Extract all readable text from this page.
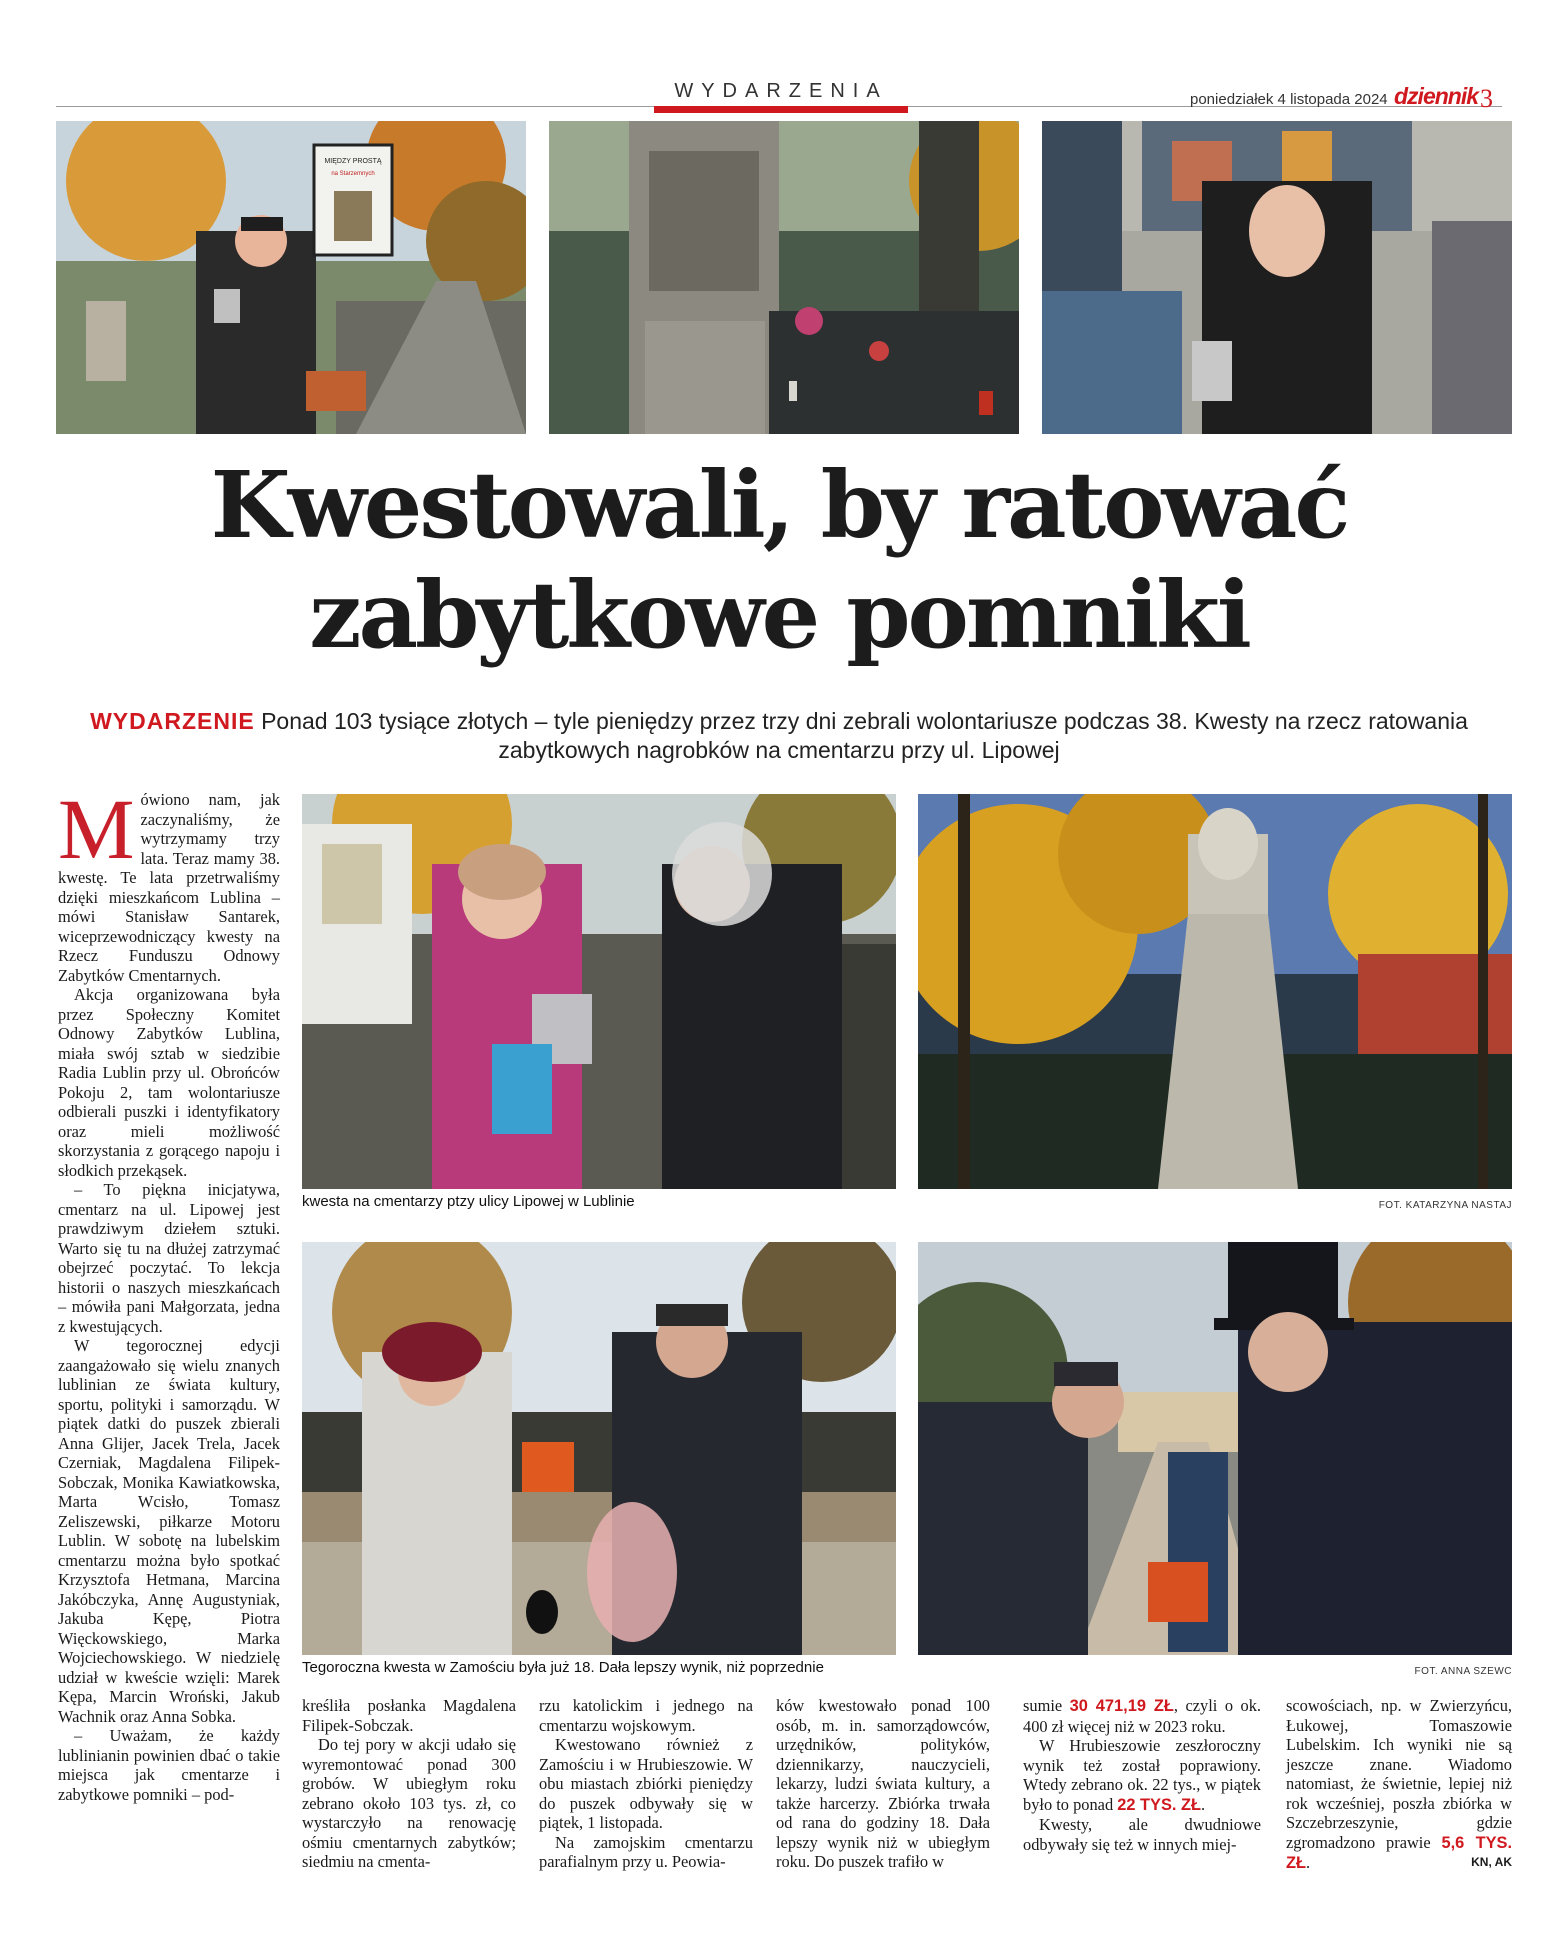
WYDARZENIA	poniedziałek 4 listopada 2024 dziennik 3
MIĘDZY PROSTĄ
na Starzemnych
Kwestowali, by ratować
zabytkowe pomniki
WYDARZENIE Ponad 103 tysiące złotych – tyle pieniędzy przez trzy dni zebrali wolontariusze podczas 38. Kwesty na rzecz ratowania zabytkowych nagrobków na cmentarzu przy ul. Lipowej
kwesta na cmentarzy ptzy ulicy Lipowej w Lublinie	FOT. KATARZYNA NASTAJ
Tegoroczna kwesta w Zamościu była już 18. Dała lepszy wynik, niż poprzednie	FOT. ANNA SZEWC

Mówiono nam, jak zaczynaliśmy, że wytrzymamy trzy lata. Teraz mamy 38. kwestę. Te lata przetrwaliśmy dzięki mieszkańcom Lublina – mówi Stanisław Santarek, wiceprzewodniczący kwesty na Rzecz Funduszu Odnowy Zabytków Cmentarnych.

Akcja organizowana była przez Społeczny Komitet Odnowy Zabytków Lublina, miała swój sztab w siedzibie Radia Lublin przy ul. Obrońców Pokoju 2, tam wolontariusze odbierali puszki i identyfikatory oraz mieli możliwość skorzystania z gorącego napoju i słodkich przekąsek.

– To piękna inicjatywa, cmentarz na ul. Lipowej jest prawdziwym dziełem sztuki. Warto się tu na dłużej zatrzymać obejrzeć poczytać. To lekcja historii o naszych mieszkańcach – mówiła pani Małgorzata, jedna z kwestujących.

W tegorocznej edycji zaangażowało się wielu znanych lublinian ze świata kultury, sportu, polityki i samorządu. W piątek datki do puszek zbierali Anna Glijer, Jacek Trela, Jacek Czerniak, Magdalena Filipek-Sobczak, Monika Kawiatkowska, Marta Wcisło, Tomasz Zeliszewski, piłkarze Motoru Lublin. W sobotę na lubelskim cmentarzu można było spotkać Krzysztofa Hetmana, Marcina Jakóbczyka, Annę Augustyniak, Jakuba Kępę, Piotra Więckowskiego, Marka Wojciechowskiego. W niedzielę udział w kweście wzięli: Marek Kępa, Marcin Wroński, Jakub Wachnik oraz Anna Sobka.

– Uważam, że każdy lublinianin powinien dbać o takie miejsca jak cmentarze i zabytkowe pomniki – pod-

kreśliła posłanka Magdalena Filipek-Sobczak.

Do tej pory w akcji udało się wyremontować ponad 300 grobów. W ubiegłym roku zebrano około 103 tys. zł, co wystarczyło na renowację ośmiu cmentarnych zabytków; siedmiu na cmenta-

rzu katolickim i jednego na cmentarzu wojskowym.

Kwestowano również z Zamościu i w Hrubieszowie. W obu miastach zbiórki pieniędzy do puszek odbywały się w piątek, 1 listopada.

Na zamojskim cmentarzu parafialnym przy u. Peowia-

ków kwestowało ponad 100 osób, m. in. samorządowców, urzędników, polityków, dziennikarzy, nauczycieli, lekarzy, ludzi świata kultury, a także harcerzy. Zbiórka trwała od rana do godziny 18. Dała lepszy wynik niż w ubiegłym roku. Do puszek trafiło w

sumie 30 471,19 ZŁ, czyli o ok. 400 zł więcej niż w 2023 roku.

W Hrubieszowie zeszłoroczny wynik też został poprawiony. Wtedy zebrano ok. 22 tys., w piątek było to ponad 22 TYS. ZŁ.

Kwesty, ale dwudniowe odbywały się też w innych miej-

scowościach, np. w Zwierzyńcu, Łukowej, Tomaszowie Lubelskim. Ich wyniki nie są jeszcze znane. Wiadomo natomiast, że świetnie, lepiej niż rok wcześniej, poszła zbiórka w Szczebrzeszynie, gdzie zgromadzono prawie 5,6 TYS. ZŁ.	KN, AK
